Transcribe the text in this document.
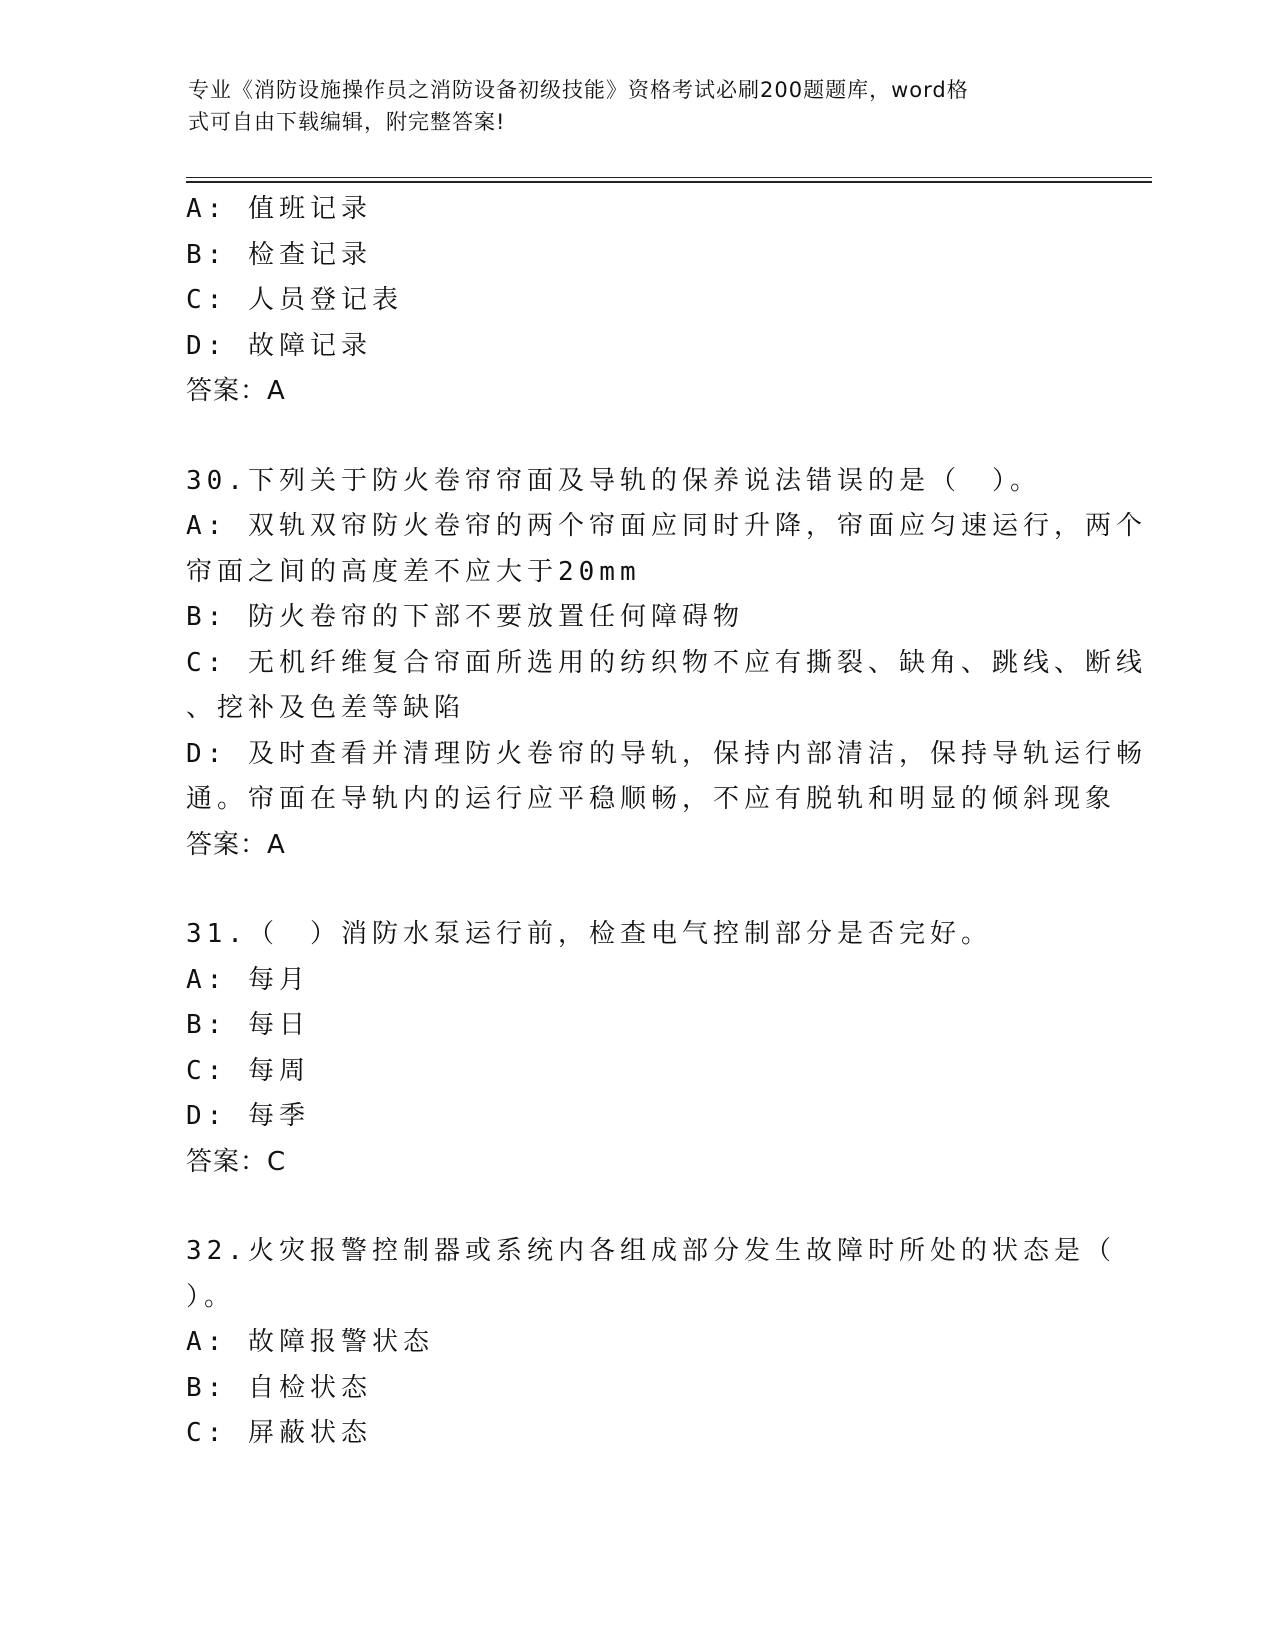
专业《消防设施操作员之消防设备初级技能》资格考试必刷200题题库，word格
式可自由下载编辑，附完整答案!
A: 值班记录
B: 检查记录
C: 人员登记表
D: 故障记录
答案：A
30.下列关于防火卷帘帘面及导轨的保养说法错误的是（　）。
A: 双轨双帘防火卷帘的两个帘面应同时升降，帘面应匀速运行，两个
帘面之间的高度差不应大于20mm
B: 防火卷帘的下部不要放置任何障碍物
C: 无机纤维复合帘面所选用的纺织物不应有撕裂、缺角、跳线、断线
、挖补及色差等缺陷
D: 及时查看并清理防火卷帘的导轨，保持内部清洁，保持导轨运行畅
通。帘面在导轨内的运行应平稳顺畅，不应有脱轨和明显的倾斜现象
答案：A
31.（　）消防水泵运行前，检查电气控制部分是否完好。
A: 每月
B: 每日
C: 每周
D: 每季
答案：C
32.火灾报警控制器或系统内各组成部分发生故障时所处的状态是（
）。
A: 故障报警状态
B: 自检状态
C: 屏蔽状态
